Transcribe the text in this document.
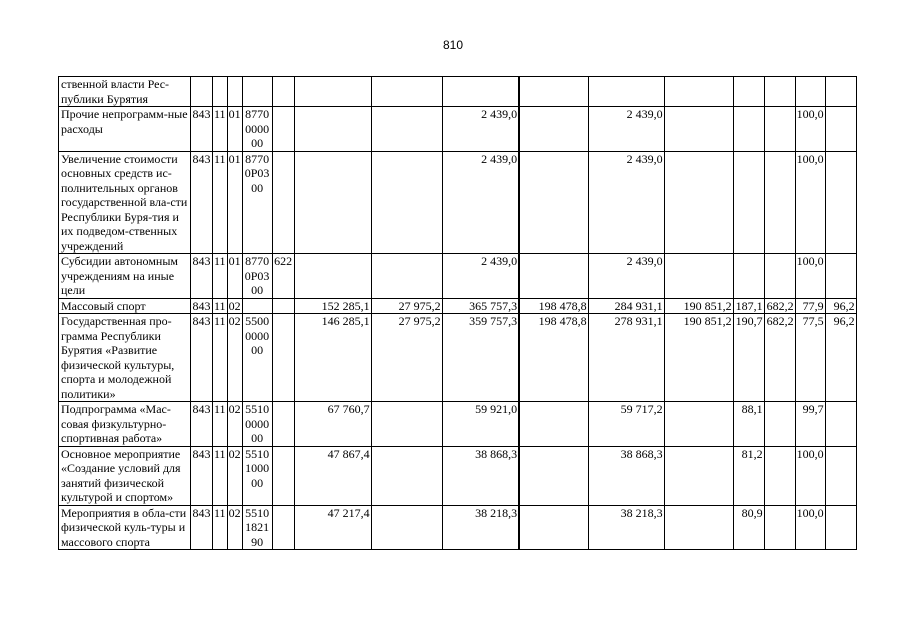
810
ственной власти Рес-публики Бурятия															
Прочие непрограмм-ные расходы	843	11	01	8770 0000 00				2 439,0		2 439,0				100,0	
Увеличение стоимости основных средств ис-полнительных органов государственной вла-сти Республики Буря-тия и их подведом-ственных учреждений	843	11	01	8770 0P03 00				2 439,0		2 439,0				100,0	
Субсидии автономным учреждениям на иные цели	843	11	01	8770 0P03 00	622			2 439,0		2 439,0				100,0	
Массовый спорт	843	11	02			152 285,1	27 975,2	365 757,3	198 478,8	284 931,1	190 851,2	187,1	682,2	77,9	96,2
Государственная про-грамма Республики Бурятия «Развитие физической культуры, спорта и молодежной политики»	843	11	02	5500 0000 00		146 285,1	27 975,2	359 757,3	198 478,8	278 931,1	190 851,2	190,7	682,2	77,5	96,2
Подпрограмма «Мас-совая физкультурно-спортивная работа»	843	11	02	5510 0000 00		67 760,7		59 921,0		59 717,2		88,1		99,7	
Основное мероприятие «Создание условий для занятий физической культурой и спортом»	843	11	02	5510 1000 00		47 867,4		38 868,3		38 868,3		81,2		100,0	
Мероприятия в обла-сти физической куль-туры и массового спорта	843	11	02	5510 1821 90		47 217,4		38 218,3		38 218,3		80,9		100,0	
